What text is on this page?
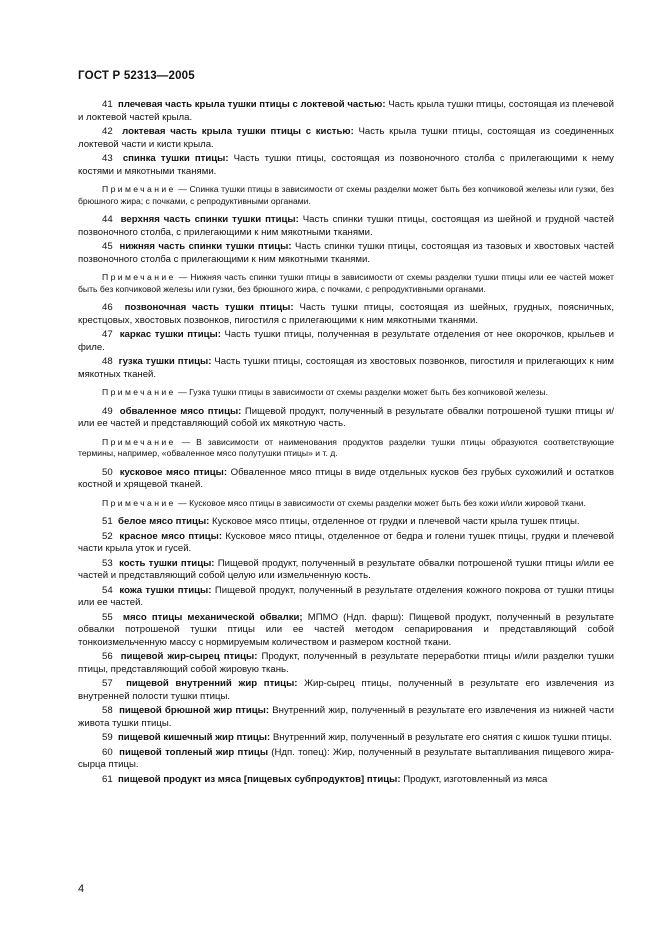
ГОСТ Р 52313—2005

41 плечевая часть крыла тушки птицы с локтевой частью: Часть крыла тушки птицы, состоящая из плечевой и локтевой частей крыла.

42 локтевая часть крыла тушки птицы с кистью: Часть крыла тушки птицы, состоящая из соединенных локтевой части и кисти крыла.

43 спинка тушки птицы: Часть тушки птицы, состоящая из позвоночного столба с прилегающими к нему костями и мякотными тканями.

Примечание — Спинка тушки птицы в зависимости от схемы разделки может быть без копчиковой железы или гузки, без брюшного жира; с почками, с репродуктивными органами.

44 верхняя часть спинки тушки птицы: Часть спинки тушки птицы, состоящая из шейной и грудной частей позвоночного столба, с прилегающими к ним мякотными тканями.

45 нижняя часть спинки тушки птицы: Часть спинки тушки птицы, состоящая из тазовых и хвостовых частей позвоночного столба с прилегающими к ним мякотными тканями.

Примечание — Нижняя часть спинки тушки птицы в зависимости от схемы разделки тушки птицы или ее частей может быть без копчиковой железы или гузки, без брюшного жира, с почками, с репродуктивными органами.

46 позвоночная часть тушки птицы: Часть тушки птицы, состоящая из шейных, грудных, поясничных, крестцовых, хвостовых позвонков, пигостиля с прилегающими к ним мякотными тканями.

47 каркас тушки птицы: Часть тушки птицы, полученная в результате отделения от нее окорочков, крыльев и филе.

48 гузка тушки птицы: Часть тушки птицы, состоящая из хвостовых позвонков, пигостиля и прилегающих к ним мякотных тканей.

Примечание — Гузка тушки птицы в зависимости от схемы разделки может быть без копчиковой железы.

49 обваленное мясо птицы: Пищевой продукт, полученный в результате обвалки потрошеной тушки птицы и/или ее частей и представляющий собой их мякотную часть.

Примечание — В зависимости от наименования продуктов разделки тушки птицы образуются соответствующие термины, например, «обваленное мясо полутушки птицы» и т. д.

50 кусковое мясо птицы: Обваленное мясо птицы в виде отдельных кусков без грубых сухожилий и остатков костной и хрящевой тканей.

Примечание — Кусковое мясо птицы в зависимости от схемы разделки может быть без кожи и/или жировой ткани.

51 белое мясо птицы: Кусковое мясо птицы, отделенное от грудки и плечевой части крыла тушек птицы.

52 красное мясо птицы: Кусковое мясо птицы, отделенное от бедра и голени тушек птицы, грудки и плечевой части крыла уток и гусей.

53 кость тушки птицы: Пищевой продукт, полученный в результате обвалки потрошеной тушки птицы и/или ее частей и представляющий собой целую или измельченную кость.

54 кожа тушки птицы: Пищевой продукт, полученный в результате отделения кожного покрова от тушки птицы или ее частей.

55 мясо птицы механической обвалки; МПМО (Ндп. фарш): Пищевой продукт, полученный в результате обвалки потрошеной тушки птицы или ее частей методом сепарирования и представляющий собой тонкоизмельченную массу с нормируемым количеством и размером костной ткани.

56 пищевой жир-сырец птицы: Продукт, полученный в результате переработки птицы и/или разделки тушки птицы, представляющий собой жировую ткань.

57 пищевой внутренний жир птицы: Жир-сырец птицы, полученный в результате его извлечения из внутренней полости тушки птицы.

58 пищевой брюшной жир птицы: Внутренний жир, полученный в результате его извлечения из нижней части живота тушки птицы.

59 пищевой кишечный жир птицы: Внутренний жир, полученный в результате его снятия с кишок тушки птицы.

60 пищевой топленый жир птицы (Ндп. топец): Жир, полученный в результате вытапливания пищевого жира-сырца птицы.

61 пищевой продукт из мяса [пищевых субпродуктов] птицы: Продукт, изготовленный из мяса

4
